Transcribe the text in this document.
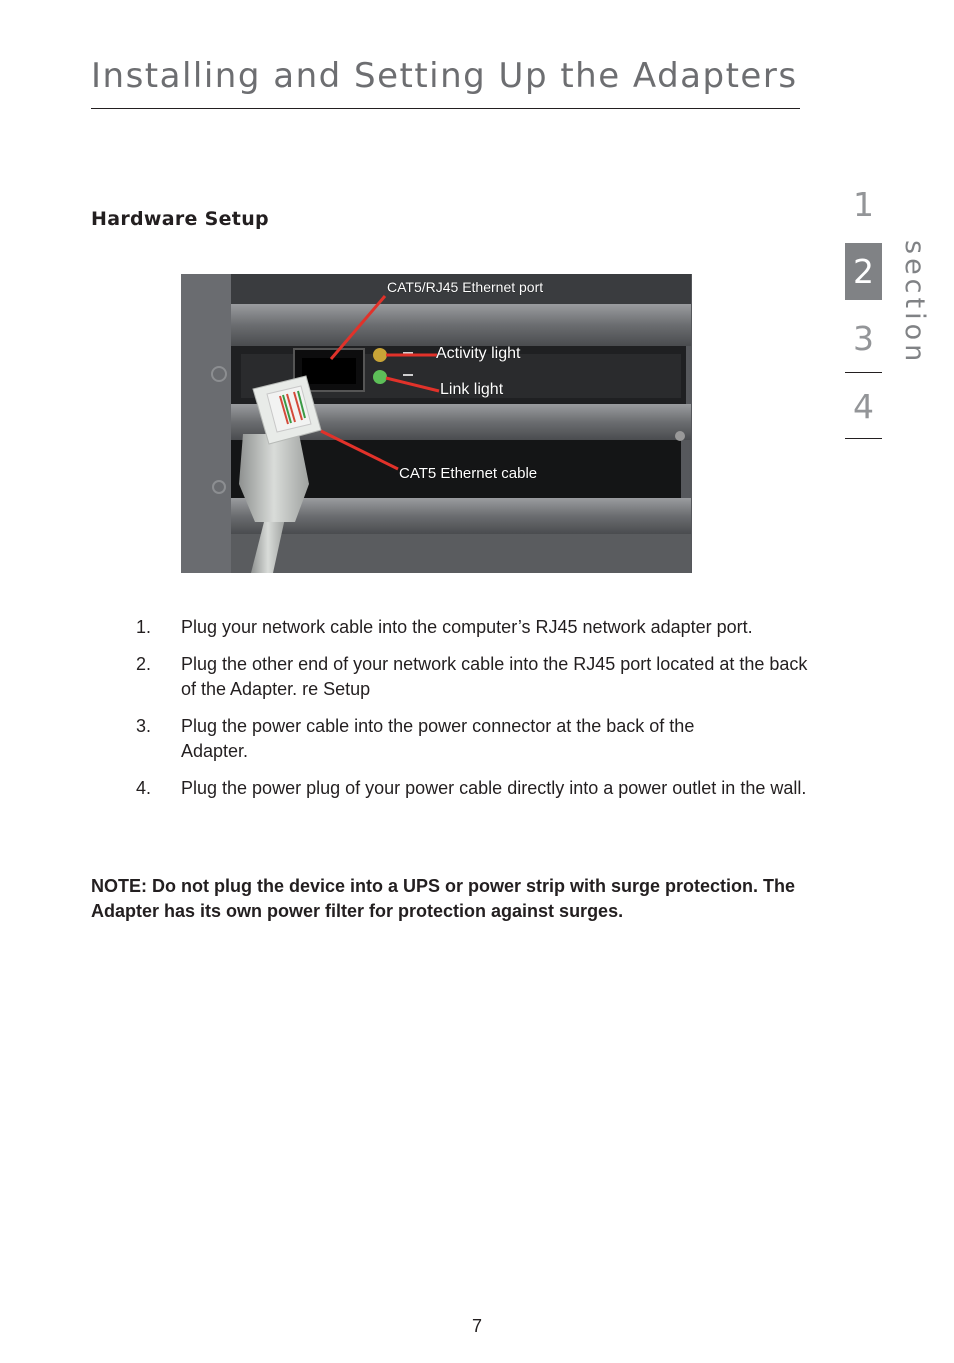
Installing and Setting Up the Adapters
Hardware Setup
CAT5/RJ45 Ethernet port
Activity light
Link light
CAT5 Ethernet cable
1. Plug your network cable into the computer’s RJ45 network adapter port.
2. Plug the other end of your network cable into the RJ45 port located at the back of the Adapter. re Setup
3. Plug the power cable into the power connector at the back of the Adapter.
4. Plug the power plug of your power cable directly into a power outlet in the wall.

NOTE: Do not plug the device into a UPS or power strip with surge protection. The Adapter has its own power filter for protection against surges.

1
2
3
4
section
7
